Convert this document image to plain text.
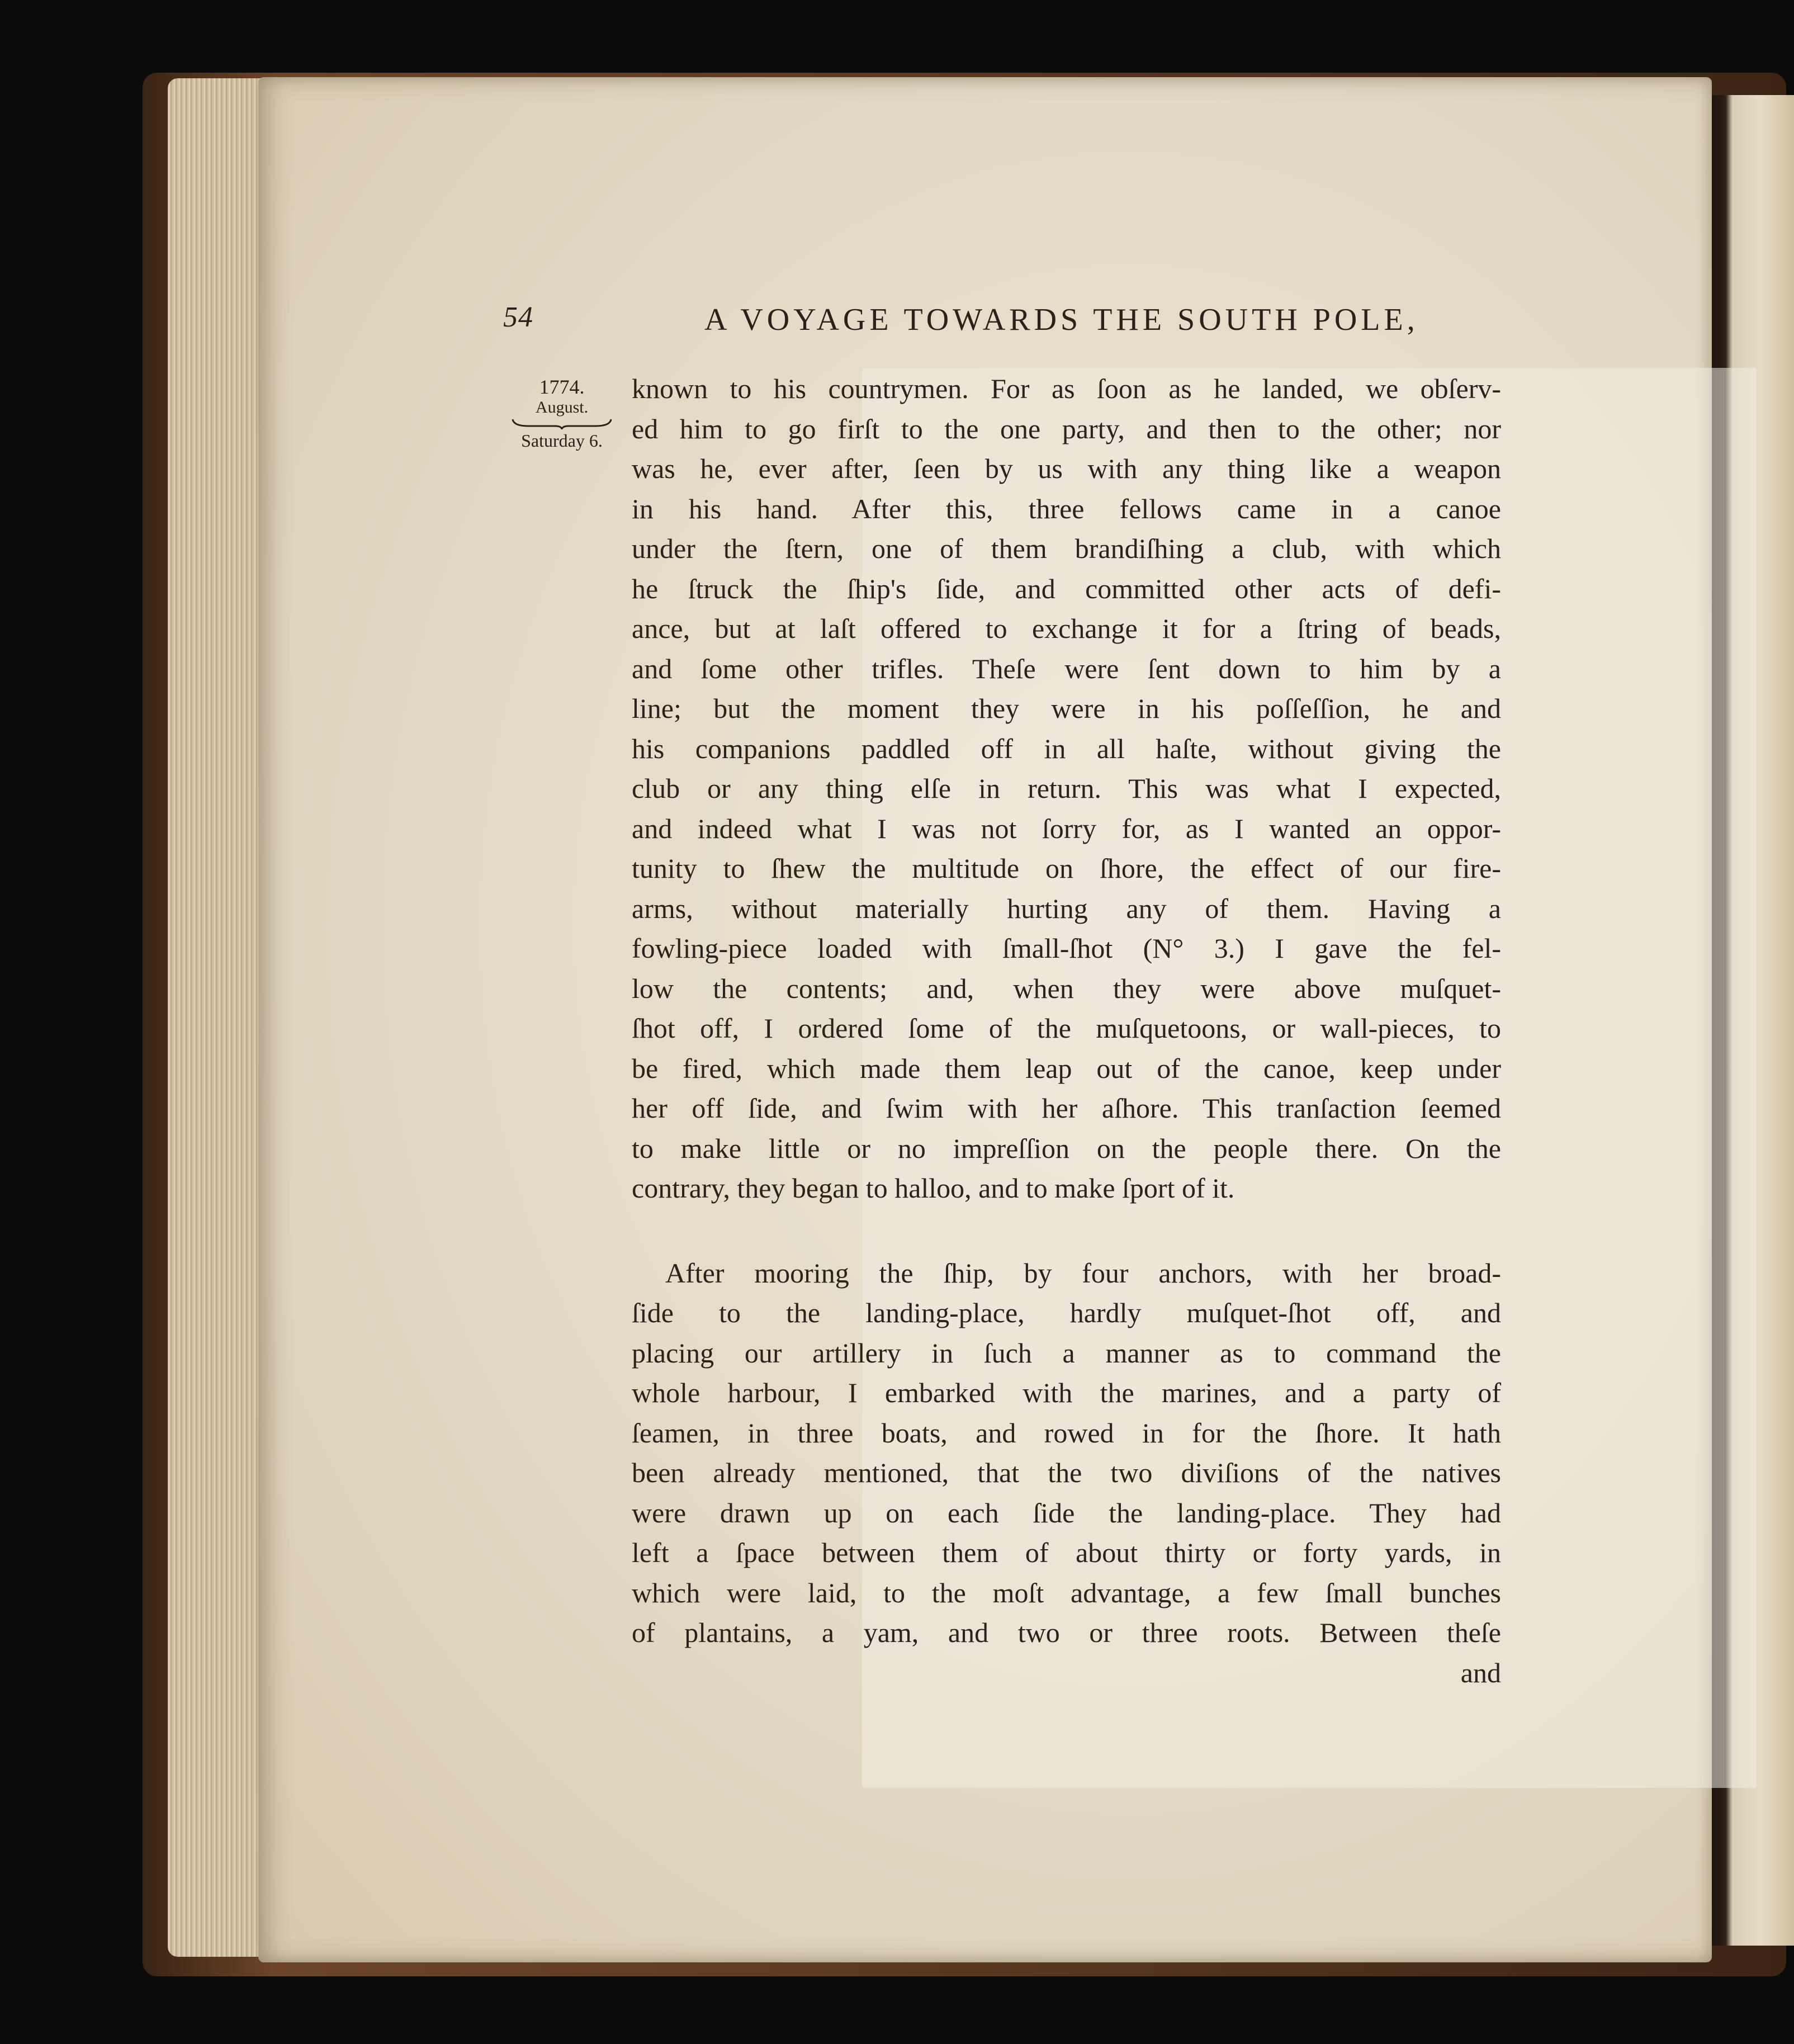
54	A VOYAGE TOWARDS THE SOUTH POLE,
1774.
August.
Saturday 6.
known to his countrymen. For as ſoon as he landed, we obſerv-
ed him to go firſt to the one party, and then to the other; nor
was he, ever after, ſeen by us with any thing like a weapon
in his hand. After this, three fellows came in a canoe
under the ſtern, one of them brandiſhing a club, with which
he ſtruck the ſhip's ſide, and committed other acts of defi-
ance, but at laſt offered to exchange it for a ſtring of beads,
and ſome other trifles. Theſe were ſent down to him by a
line; but the moment they were in his poſſeſſion, he and
his companions paddled off in all haſte, without giving the
club or any thing elſe in return. This was what I expected,
and indeed what I was not ſorry for, as I wanted an oppor-
tunity to ſhew the multitude on ſhore, the effect of our fire-
arms, without materially hurting any of them. Having a
fowling-piece loaded with ſmall-ſhot (N° 3.) I gave the fel-
low the contents; and, when they were above muſquet-
ſhot off, I ordered ſome of the muſquetoons, or wall-pieces, to
be fired, which made them leap out of the canoe, keep under
her off ſide, and ſwim with her aſhore. This tranſaction ſeemed
to make little or no impreſſion on the people there. On the
contrary, they began to halloo, and to make ſport of it.
After mooring the ſhip, by four anchors, with her broad-
ſide to the landing-place, hardly muſquet-ſhot off, and
placing our artillery in ſuch a manner as to command the
whole harbour, I embarked with the marines, and a party of
ſeamen, in three boats, and rowed in for the ſhore. It hath
been already mentioned, that the two diviſions of the natives
were drawn up on each ſide the landing-place. They had
left a ſpace between them of about thirty or forty yards, in
which were laid, to the moſt advantage, a few ſmall bunches
of plantains, a yam, and two or three roots. Between theſe
and
